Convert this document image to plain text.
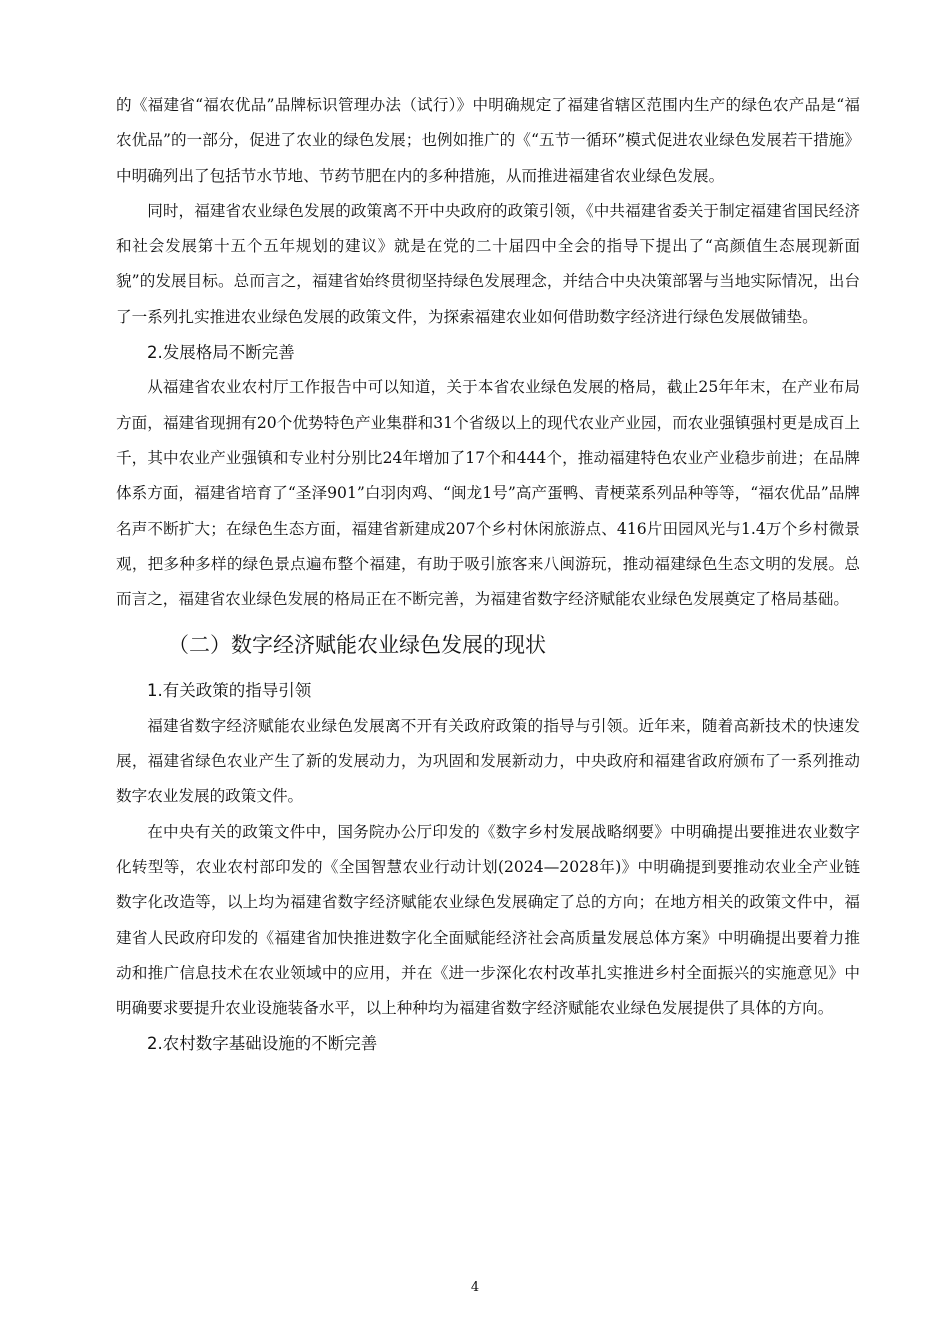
的《福建省“福农优品”品牌标识管理办法（试行）》中明确规定了福建省辖区范围内生产的绿色农产品是“福农优品”的一部分，促进了农业的绿色发展；也例如推广的《“五节一循环”模式促进农业绿色发展若干措施》中明确列出了包括节水节地、节药节肥在内的多种措施，从而推进福建省农业绿色发展。

同时，福建省农业绿色发展的政策离不开中央政府的政策引领，《中共福建省委关于制定福建省国民经济和社会发展第十五个五年规划的建议》就是在党的二十届四中全会的指导下提出了“高颜值生态展现新面貌”的发展目标。总而言之，福建省始终贯彻坚持绿色发展理念，并结合中央决策部署与当地实际情况，出台了一系列扎实推进农业绿色发展的政策文件，为探索福建农业如何借助数字经济进行绿色发展做铺垫。

2.发展格局不断完善

从福建省农业农村厅工作报告中可以知道，关于本省农业绿色发展的格局，截止25年年末，在产业布局方面，福建省现拥有20个优势特色产业集群和31个省级以上的现代农业产业园，而农业强镇强村更是成百上千，其中农业产业强镇和专业村分别比24年增加了17个和444个，推动福建特色农业产业稳步前进；在品牌体系方面，福建省培育了“圣泽901”白羽肉鸡、“闽龙1号”高产蛋鸭、青梗菜系列品种等等，“福农优品”品牌名声不断扩大；在绿色生态方面，福建省新建成207个乡村休闲旅游点、416片田园风光与1.4万个乡村微景观，把多种多样的绿色景点遍布整个福建，有助于吸引旅客来八闽游玩，推动福建绿色生态文明的发展。总而言之，福建省农业绿色发展的格局正在不断完善，为福建省数字经济赋能农业绿色发展奠定了格局基础。

（二）数字经济赋能农业绿色发展的现状
1.有关政策的指导引领

福建省数字经济赋能农业绿色发展离不开有关政府政策的指导与引领。近年来，随着高新技术的快速发展，福建省绿色农业产生了新的发展动力，为巩固和发展新动力，中央政府和福建省政府颁布了一系列推动数字农业发展的政策文件。

在中央有关的政策文件中，国务院办公厅印发的《数字乡村发展战略纲要》中明确提出要推进农业数字化转型等，农业农村部印发的《全国智慧农业行动计划(2024—2028年)》中明确提到要推动农业全产业链数字化改造等，以上均为福建省数字经济赋能农业绿色发展确定了总的方向；在地方相关的政策文件中，福建省人民政府印发的《福建省加快推进数字化全面赋能经济社会高质量发展总体方案》中明确提出要着力推动和推广信息技术在农业领域中的应用，并在《进一步深化农村改革扎实推进乡村全面振兴的实施意见》中明确要求要提升农业设施装备水平，以上种种均为福建省数字经济赋能农业绿色发展提供了具体的方向。

2.农村数字基础设施的不断完善
4
